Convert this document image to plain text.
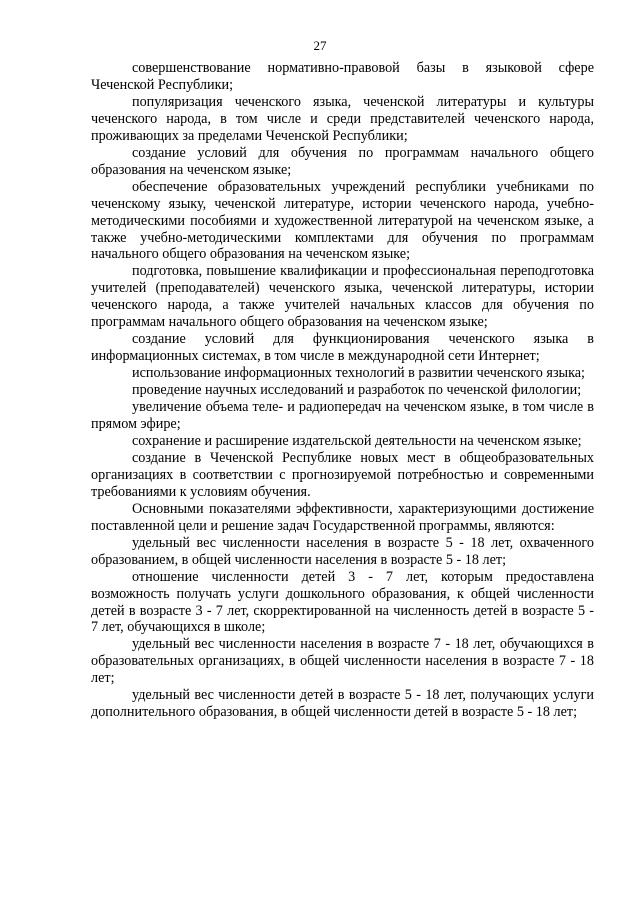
27

совершенствование нормативно-правовой базы в языковой сфере Чеченской Республики;

популяризация чеченского языка, чеченской литературы и культуры чеченского народа, в том числе и среди представителей чеченского народа, проживающих за пределами Чеченской Республики;

создание условий для обучения по программам начального общего образования на чеченском языке;

обеспечение образовательных учреждений республики учебниками по чеченскому языку, чеченской литературе, истории чеченского народа, учебно-методическими пособиями и художественной литературой на чеченском языке, а также учебно-методическими комплектами для обучения по программам начального общего образования на чеченском языке;

подготовка, повышение квалификации и профессиональная переподготовка учителей (преподавателей) чеченского языка, чеченской литературы, истории чеченского народа, а также учителей начальных классов для обучения по программам начального общего образования на чеченском языке;

создание условий для функционирования чеченского языка в информационных системах, в том числе в международной сети Интернет;

использование информационных технологий в развитии чеченского языка;

проведение научных исследований и разработок по чеченской филологии;

увеличение объема теле- и радиопередач на чеченском языке, в том числе в прямом эфире;

сохранение и расширение издательской деятельности на чеченском языке;

создание в Чеченской Республике новых мест в общеобразовательных организациях в соответствии с прогнозируемой потребностью и современными требованиями к условиям обучения.

Основными показателями эффективности, характеризующими достижение поставленной цели и решение задач Государственной программы, являются:

удельный вес численности населения в возрасте 5 - 18 лет, охваченного образованием, в общей численности населения в возрасте 5 - 18 лет;

отношение численности детей 3 - 7 лет, которым предоставлена возможность получать услуги дошкольного образования, к общей численности детей в возрасте 3 - 7 лет, скорректированной на численность детей в возрасте 5 - 7 лет, обучающихся в школе;

удельный вес численности населения в возрасте 7 - 18 лет, обучающихся в образовательных организациях, в общей численности населения в возрасте 7 - 18 лет;

удельный вес численности детей в возрасте 5 - 18 лет, получающих услуги дополнительного образования, в общей численности детей в возрасте 5 - 18 лет;
